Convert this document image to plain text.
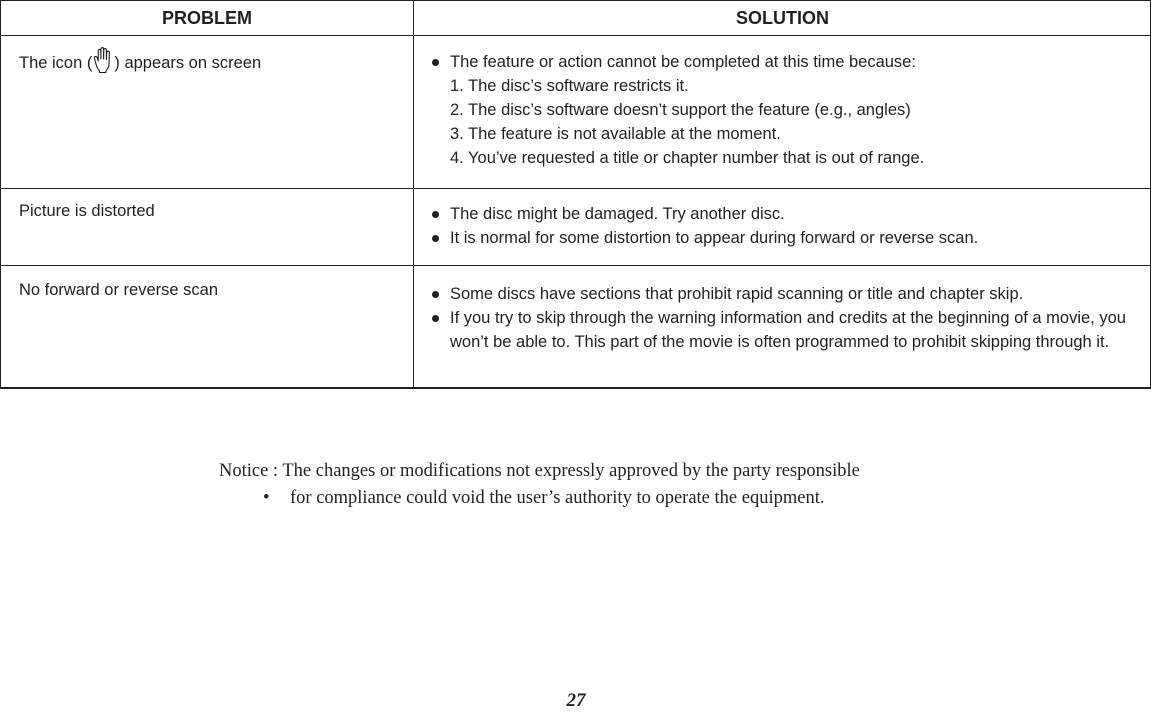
PROBLEM	SOLUTION
The icon ( ) appears on screen	The feature or action cannot be completed at this time because:
1. The disc’s software restricts it.
2. The disc’s software doesn’t support the feature (e.g., angles)
3. The feature is not available at the moment.
4. You’ve requested a title or chapter number that is out of range.
Picture is distorted	The disc might be damaged. Try another disc.
It is normal for some distortion to appear during forward or reverse scan.
No forward or reverse scan	Some discs have sections that prohibit rapid scanning or title and chapter skip.
If you try to skip through the warning information and credits at the beginning of a movie, you won’t be able to. This part of the movie is often programmed to prohibit skipping through it.
Notice : The changes or modifications not expressly approved by the party responsible
• for compliance could void the user’s authority to operate the equipment.
27
